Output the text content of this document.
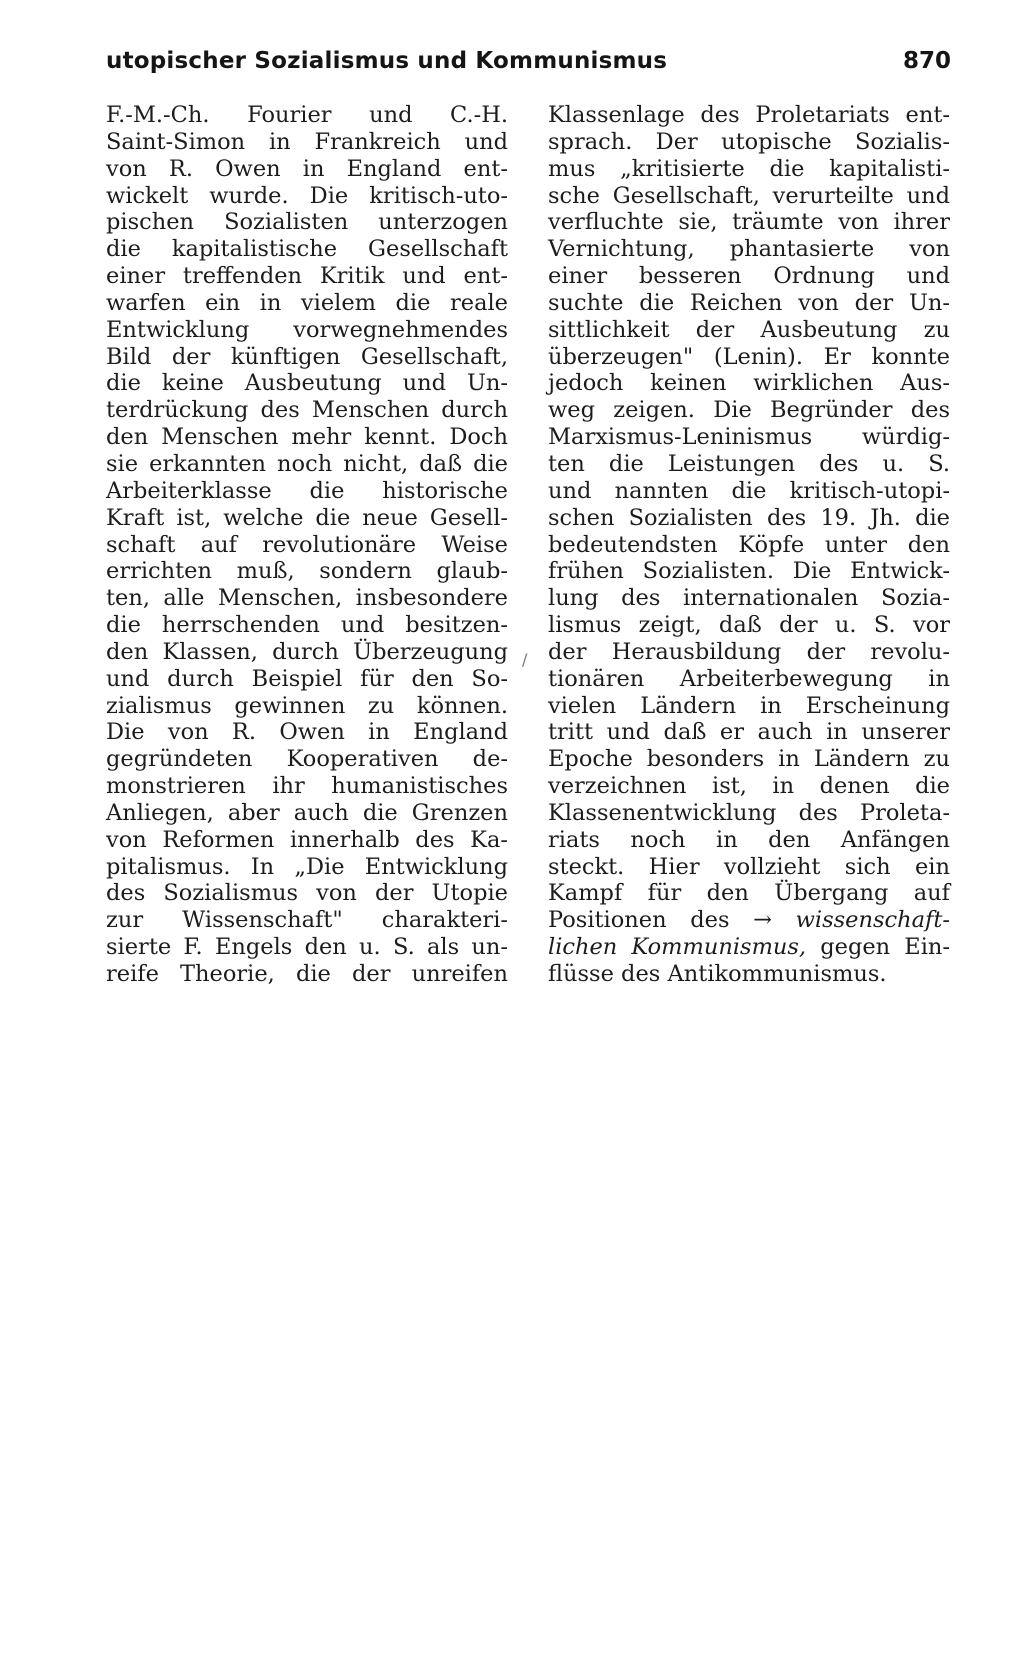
utopischer Sozialismus und Kommunismus	870
F.-M.-Ch. Fourier und C.-H.
Saint-Simon in Frankreich und
von R. Owen in England ent-
wickelt wurde. Die kritisch-uto-
pischen Sozialisten unterzogen
die kapitalistische Gesellschaft
einer treffenden Kritik und ent-
warfen ein in vielem die reale
Entwicklung vorwegnehmendes
Bild der künftigen Gesellschaft,
die keine Ausbeutung und Un-
terdrückung des Menschen durch
den Menschen mehr kennt. Doch
sie erkannten noch nicht, daß die
Arbeiterklasse die historische
Kraft ist, welche die neue Gesell-
schaft auf revolutionäre Weise
errichten muß, sondern glaub-
ten, alle Menschen, insbesondere
die herrschenden und besitzen-
den Klassen, durch Überzeugung
und durch Beispiel für den So-
zialismus gewinnen zu können.
Die von R. Owen in England
gegründeten Kooperativen de-
monstrieren ihr humanistisches
Anliegen, aber auch die Grenzen
von Reformen innerhalb des Ka-
pitalismus. In „Die Entwicklung
des Sozialismus von der Utopie
zur Wissenschaft" charakteri-
sierte F. Engels den u. S. als un-
reife Theorie, die der unreifen
/
Klassenlage des Proletariats ent-
sprach. Der utopische Sozialis-
mus „kritisierte die kapitalisti-
sche Gesellschaft, verurteilte und
verfluchte sie, träumte von ihrer
Vernichtung, phantasierte von
einer besseren Ordnung und
suchte die Reichen von der Un-
sittlichkeit der Ausbeutung zu
überzeugen" (Lenin). Er konnte
jedoch keinen wirklichen Aus-
weg zeigen. Die Begründer des
Marxismus-Leninismus würdig-
ten die Leistungen des u. S.
und nannten die kritisch-utopi-
schen Sozialisten des 19. Jh. die
bedeutendsten Köpfe unter den
frühen Sozialisten. Die Entwick-
lung des internationalen Sozia-
lismus zeigt, daß der u. S. vor
der Herausbildung der revolu-
tionären Arbeiterbewegung in
vielen Ländern in Erscheinung
tritt und daß er auch in unserer
Epoche besonders in Ländern zu
verzeichnen ist, in denen die
Klassenentwicklung des Proleta-
riats noch in den Anfängen
steckt. Hier vollzieht sich ein
Kampf für den Übergang auf
Positionen des → wissenschaft-
lichen Kommunismus, gegen Ein-
flüsse des Antikommunismus.
